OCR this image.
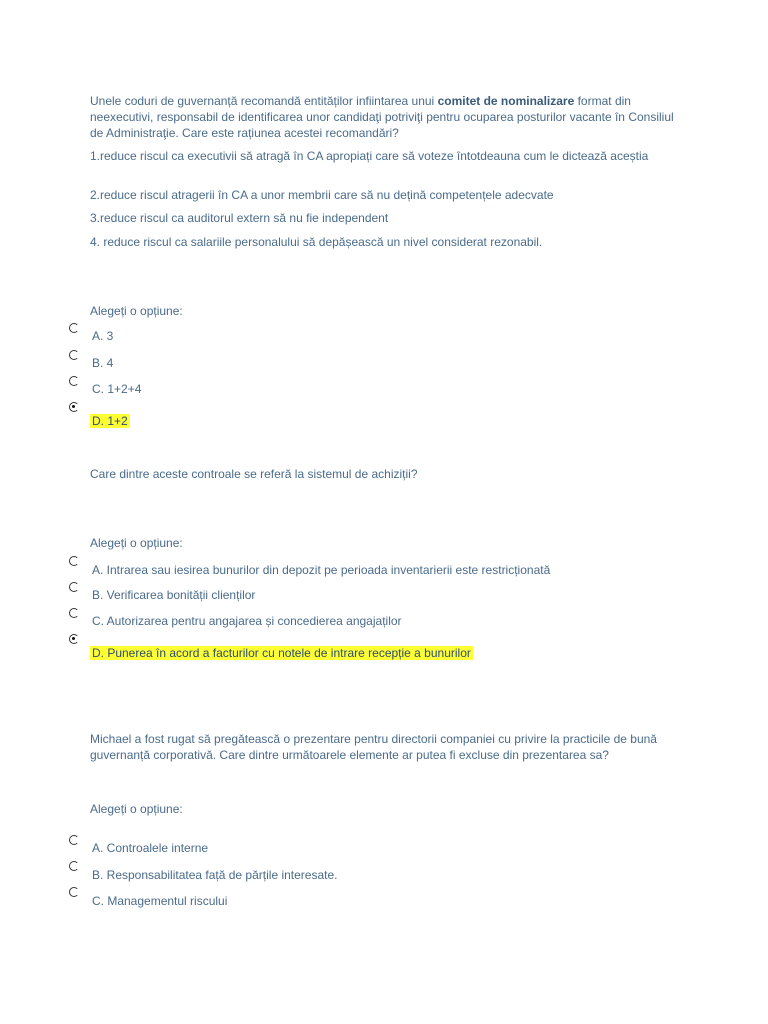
Unele coduri de guvernanță recomandă entităților infiintarea unui comitet de nominalizare format din neexecutivi, responsabil de identificarea unor candidaţi potriviţi pentru ocuparea posturilor vacante în Consiliul de Administraţie. Care este rațiunea acestei recomandări?
1.reduce riscul ca executivii să atragă în CA apropiați care să voteze întotdeauna cum le dictează aceștia
2.reduce riscul atragerii în CA a unor membrii care să nu dețină competențele adecvate
3.reduce riscul ca auditorul extern să nu fie independent
4. reduce riscul ca salariile personalului să depășească un nivel considerat rezonabil.
Alegeți o opțiune:
A. 3
B. 4
C. 1+2+4
D. 1+2
Care dintre aceste controale se referă la sistemul de achiziții?
Alegeți o opțiune:
A. Intrarea sau iesirea bunurilor din depozit pe perioada inventarierii este restricționată
B. Verificarea bonității clienților
C. Autorizarea pentru angajarea și concedierea angajaților
D. Punerea în acord a facturilor cu notele de intrare recepție a bunurilor
Michael a fost rugat să pregătească o prezentare pentru directorii companiei cu privire la practicile de bună guvernanță corporativă. Care dintre următoarele elemente ar putea fi excluse din prezentarea sa?
Alegeți o opțiune:
A. Controalele interne
B. Responsabilitatea față de părțile interesate.
C. Managementul riscului
